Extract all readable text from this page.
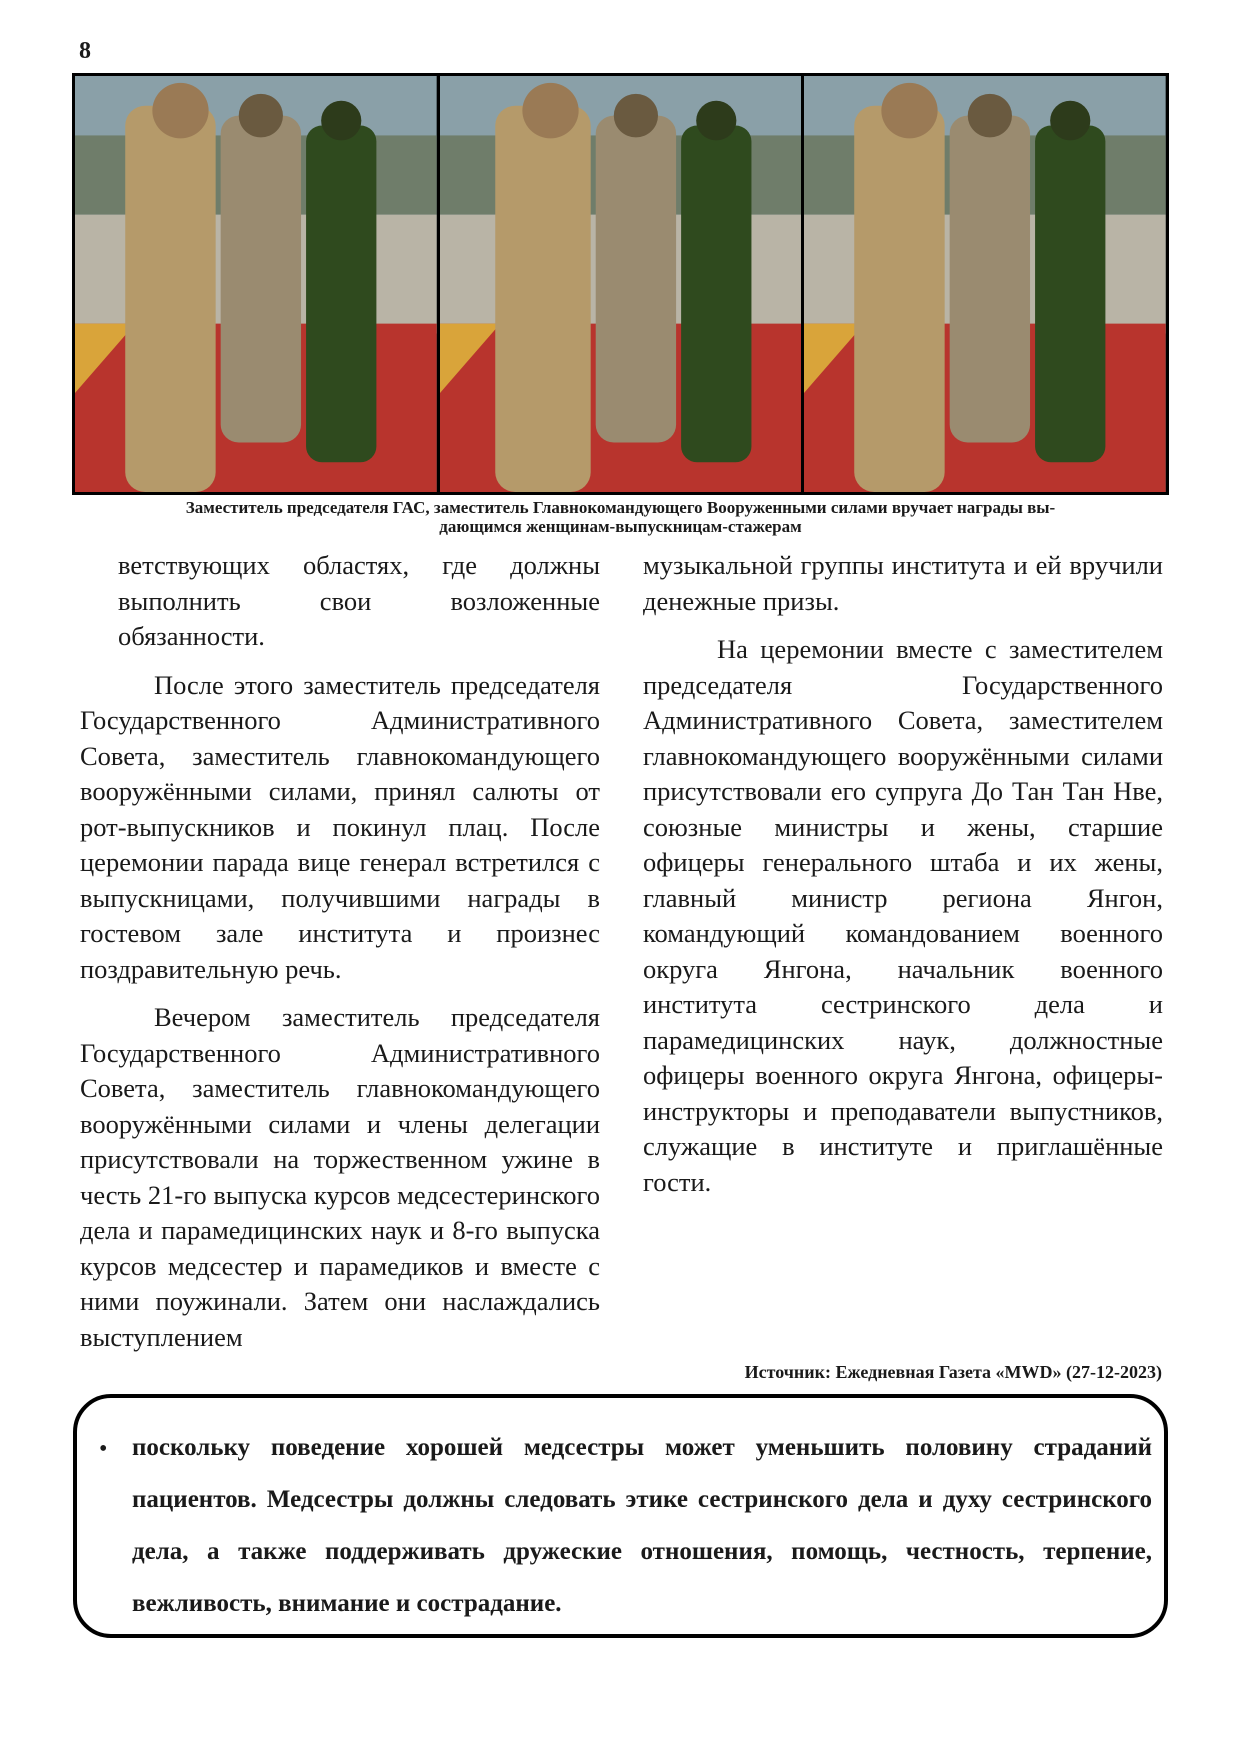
8
Заместитель председателя ГАС, заместитель Главнокомандующего Вооруженными силами вручает награды вы-
дающимся женщинам-выпускницам-стажерам

ветствующих областях, где должны выполнить свои возложенные обязанности.

После этого заместитель председателя Государственного Административного Совета, заместитель главнокомандующего вооружёнными силами, принял салюты от рот-выпускников и покинул плац. После церемонии парада вице генерал встретился с выпускницами, получившими награды в гостевом зале института и произнес поздравительную речь.

Вечером заместитель председателя Государственного Административного Совета, заместитель главнокомандующего вооружёнными силами и члены делегации присутствовали на торжественном ужине в честь 21-го выпуска курсов медсестеринского дела и парамедицинских наук и 8-го выпуска курсов медсестер и парамедиков и вместе с ними поужинали. Затем они наслаждались выступлением

музыкальной группы института и ей вручили денежные призы.

На церемонии вместе с заместителем председателя Государственного Административного Совета, заместителем главнокомандующего вооружёнными силами присутствовали его супруга До Тан Тан Нве, союзные министры и жены, старшие офицеры генерального штаба и их жены, главный министр региона Янгон, командующий командованием военного округа Янгона, начальник военного института сестринского дела и парамедицинских наук, должностные офицеры военного округа Янгона, офицеры-инструкторы и преподаватели выпустников, служащие в институте и приглашённые гости.

Источник: Ежедневная Газета «MWD» (27-12-2023)
• поскольку поведение хорошей медсестры может уменьшить половину страданий пациентов. Медсестры должны следовать этике сестринского дела и духу сестринского дела, а также поддерживать дружеские отношения, помощь, честность, терпение, вежливость, внимание и сострадание.
